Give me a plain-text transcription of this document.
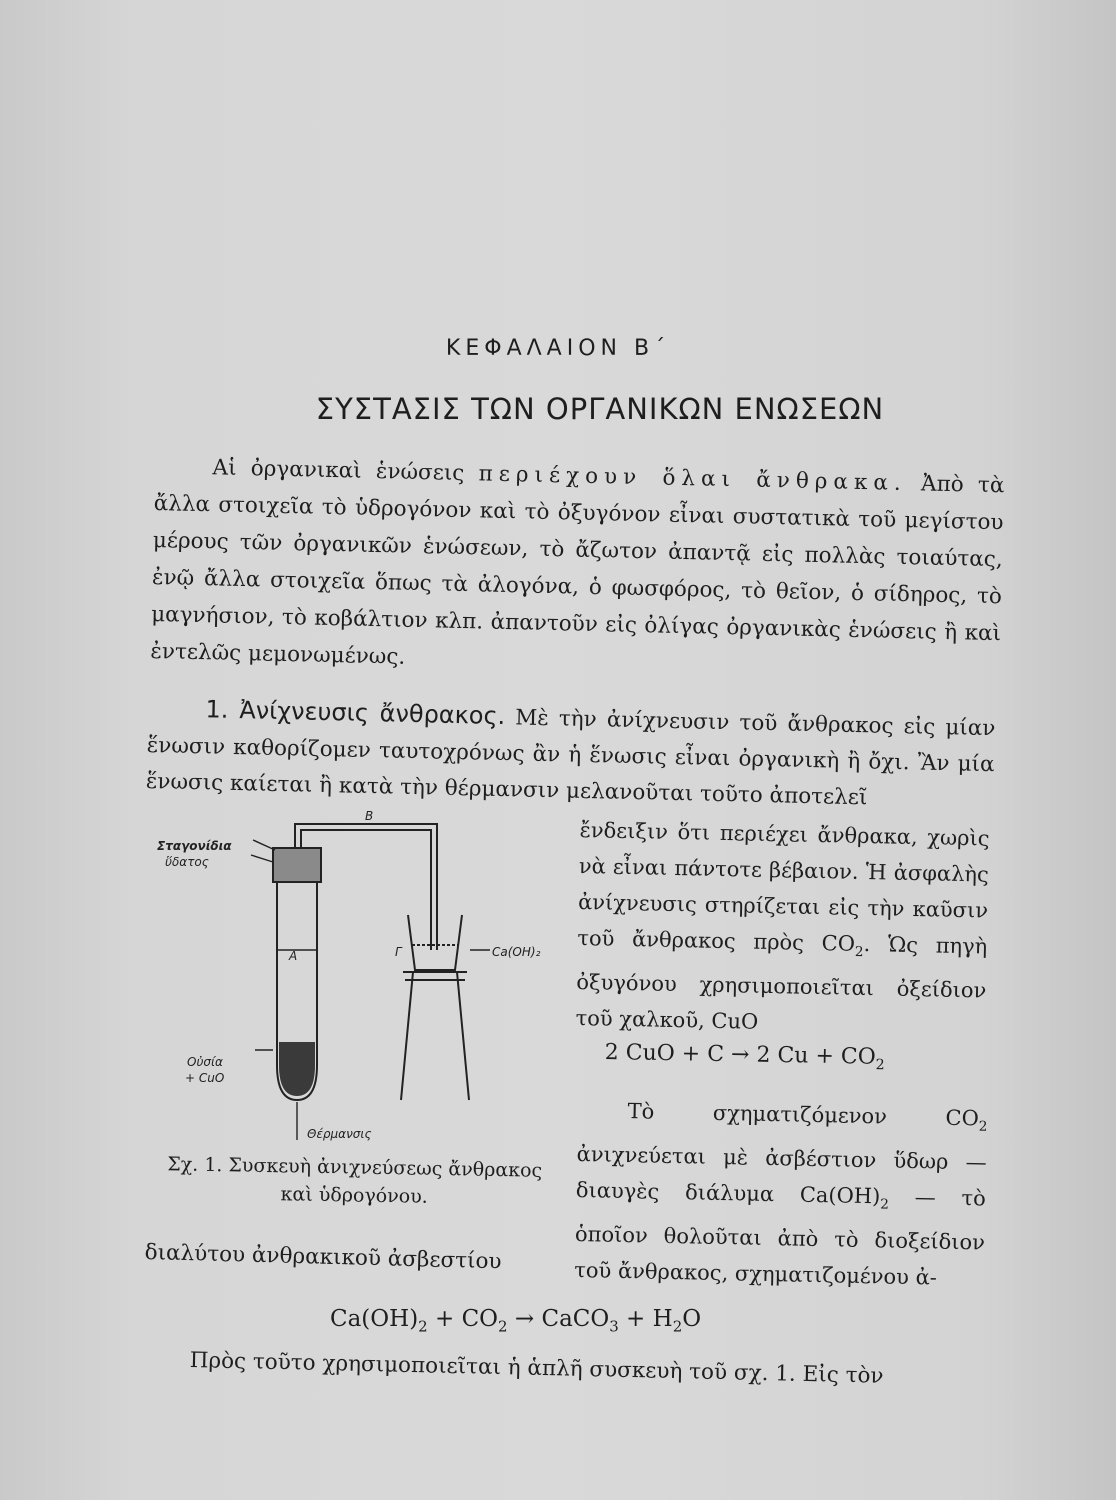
ΚΕΦΑΛΑΙΟΝ Β΄
ΣΥΣΤΑΣΙΣ ΤΩΝ ΟΡΓΑΝΙΚΩΝ ΕΝΩΣΕΩΝ

Αἱ ὀργανικαὶ ἑνώσεις περιέχουν ὅλαι ἄνθρακα. Ἀπὸ τὰ ἄλλα στοιχεῖα τὸ ὑδρογόνον καὶ τὸ ὀξυγόνον εἶναι συστατικὰ τοῦ μεγίστου μέρους τῶν ὀργανικῶν ἑνώσεων, τὸ ἄζωτον ἀπαντᾷ εἰς πολλὰς τοιαύτας, ἐνῷ ἄλλα στοιχεῖα ὅπως τὰ ἀλογόνα, ὁ φωσφόρος, τὸ θεῖον, ὁ σίδηρος, τὸ μαγνήσιον, τὸ κοβάλτιον κλπ. ἀπαντοῦν εἰς ὀλίγας ὀργανικὰς ἑνώσεις ἢ καὶ ἐντελῶς μεμονωμένως.

1. Ἀνίχνευσις ἄνθρακος. Μὲ τὴν ἀνίχνευσιν τοῦ ἄνθρακος εἰς μίαν ἕνωσιν καθορίζομεν ταυτοχρόνως ἂν ἡ ἕνωσις εἶναι ὀργανικὴ ἢ ὄχι. Ἂν μία ἕνωσις καίεται ἢ κατὰ τὴν θέρμανσιν μελανοῦται τοῦτο ἀποτελεῖ

ἔνδειξιν ὅτι περιέχει ἄνθρακα, χωρὶς νὰ εἶναι πάντοτε βέβαιον. Ἡ ἀσφαλὴς ἀνίχνευσις στηρίζεται εἰς τὴν καῦσιν τοῦ ἄνθρακος πρὸς $CO_2$. Ὡς πηγὴ ὀξυγόνου χρησιμοποιεῖται ὀξείδιον τοῦ χαλκοῦ, CuO

2 CuO + C → 2 $Cu + CO_2$

Τὸ σχηματιζόμενον $CO_2$ ἀνιχνεύεται μὲ ἀσβέστιον ὕδωρ — διαυγὲς διάλυμα $Ca(OH)_2$ — τὸ ὁποῖον θολοῦται ἀπὸ τὸ διοξείδιον τοῦ ἄνθρακος, σχηματιζομένου ἀ-

B
Σταγονίδια
ὕδατος
A	Γ	Ca(OH)₂
Οὐσία
+ CuO
Θέρμανσις

Σχ. 1. Συσκευὴ ἀνιχνεύσεως ἄνθρακος

καὶ ὑδρογόνου.

διαλύτου ἀνθρακικοῦ ἀσβεστίου
$Ca(OH)_2 + CO_2$ → CaCO$_3$ + $H_2O$
Πρὸς τοῦτο χρησιμοποιεῖται ἡ ἁπλῆ συσκευὴ τοῦ σχ. 1. Εἰς τὸν
